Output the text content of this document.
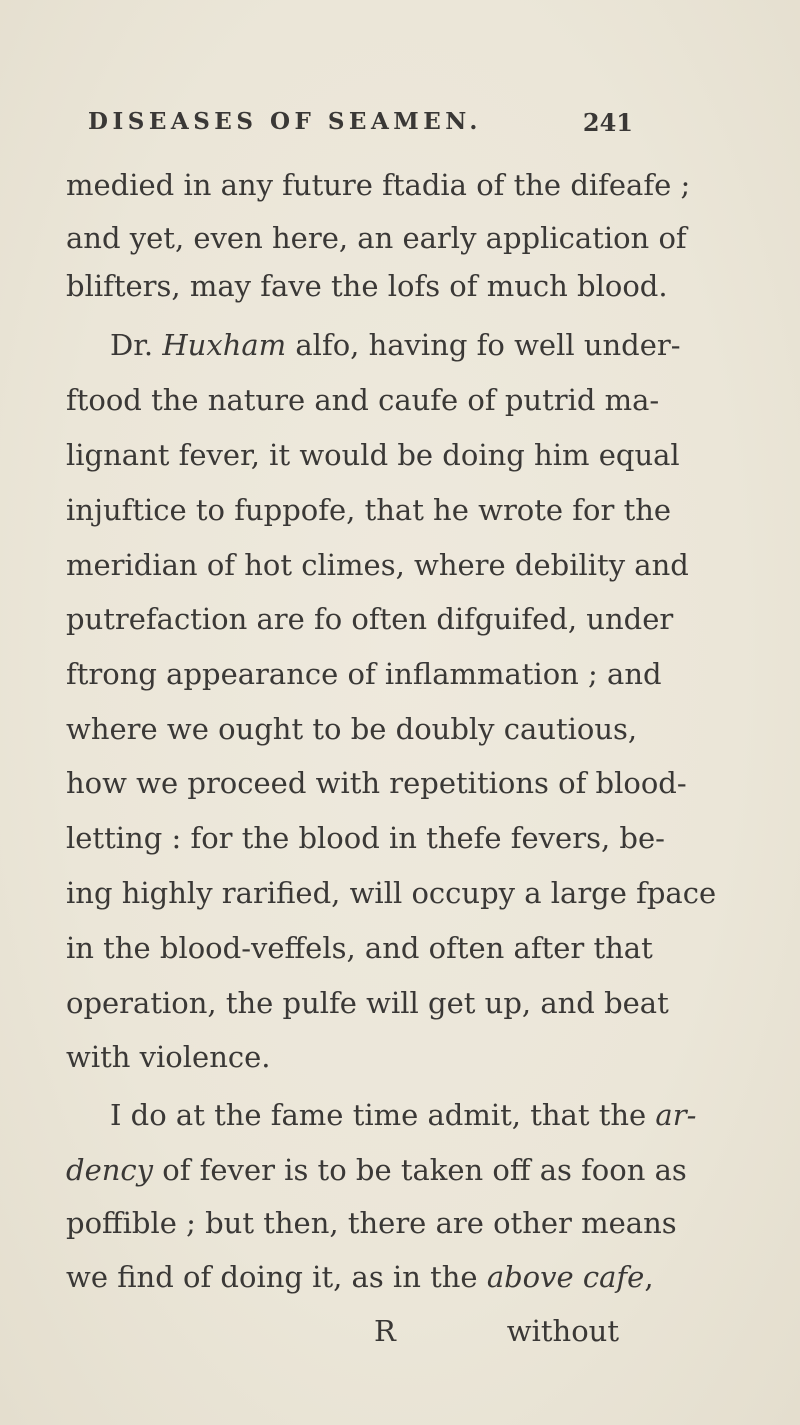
DISEASES OF SEAMEN.	241
medied in any future ftadia of the difeafe ;
and yet, even here, an early application of
blifters, may fave the lofs of much blood.
Dr. Huxham alfo, having fo well under-
ftood the nature and caufe of putrid ma-
lignant fever, it would be doing him equal
injuftice to fuppofe, that he wrote for the
meridian of hot climes, where debility and
putrefaction are fo often difguifed, under
ftrong appearance of inflammation ; and
where we ought to be doubly cautious,
how we proceed with repetitions of blood-
letting : for the blood in thefe fevers, be-
ing highly rarified, will occupy a large fpace
in the blood-veffels, and often after that
operation, the pulfe will get up, and beat
with violence.
I do at the fame time admit, that the ar-
dency of fever is to be taken off as foon as
poffible ; but then, there are other means
we find of doing it, as in the above cafe,
R	without
